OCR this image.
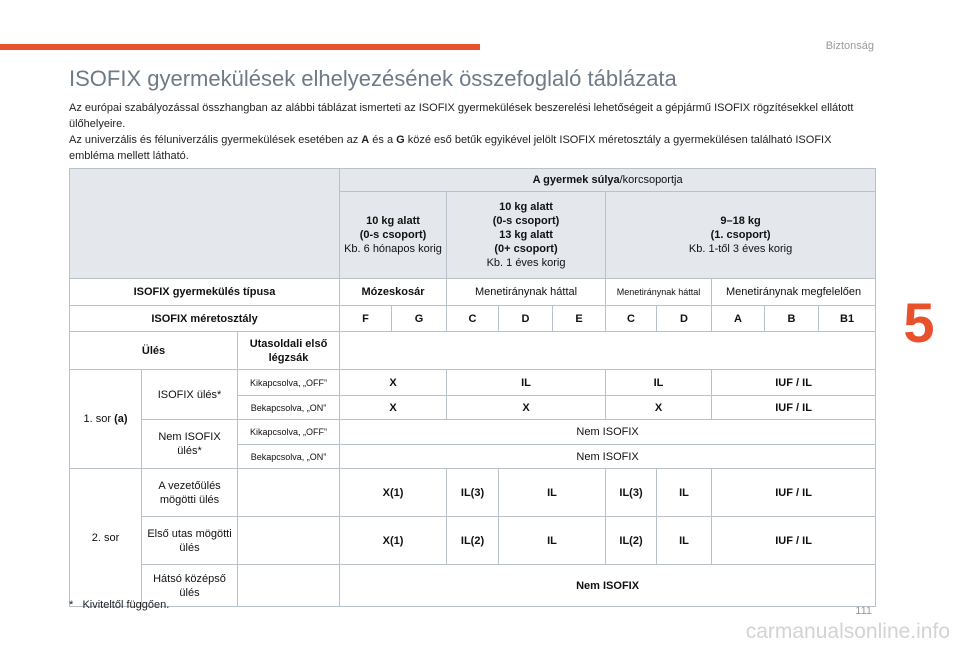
Biztonság
5
ISOFIX gyermekülések elhelyezésének összefoglaló táblázata

Az európai szabályozással összhangban az alábbi táblázat ismerteti az ISOFIX gyermekülések beszerelési lehetőségeit a gépjármű ISOFIX rögzítésekkel ellátott ülőhelyeire.

Az univerzális és féluniverzális gyermekülések esetében az A és a G közé eső betűk egyikével jelölt ISOFIX méretosztály a gyermekülésen található ISOFIX embléma mellett látható.

			A gyermek súlya/korcsoportja									
			10 kg alatt
(0-s csoport)
Kb. 6 hónapos korig		10 kg alatt
(0-s csoport)
13 kg alatt
(0+ csoport)
Kb. 1 éves korig			9–18 kg
(1. csoport)
Kb. 1-től 3 éves korig				
ISOFIX gyermekülés típusa			Mózeskosár		Menetiránynak háttal			Menetiránynak háttal		Menetiránynak megfelelően		
ISOFIX méretosztály			F	G	C	D	E	C	D	A	B	B1
Ülés		Utasoldali első légzsák										
1. sor (a)	ISOFIX ülés*	Kikapcsolva, „OFF”	X		IL			IL		IUF / IL		
		Bekapcsolva, „ON”	X		X			X		IUF / IL		
	Nem ISOFIX ülés*	Kikapcsolva, „OFF”	Nem ISOFIX									
		Bekapcsolva, „ON”	Nem ISOFIX									
2. sor	A vezetőülés mögötti ülés		X(1)		IL(3)	IL		IL(3)	IL	IUF / IL		
	Első utas mögötti ülés		X(1)		IL(2)	IL		IL(2)	IL	IUF / IL		
	Hátsó középső ülés		Nem ISOFIX									

* Kiviteltől függően.	111
carmanualsonline.info
